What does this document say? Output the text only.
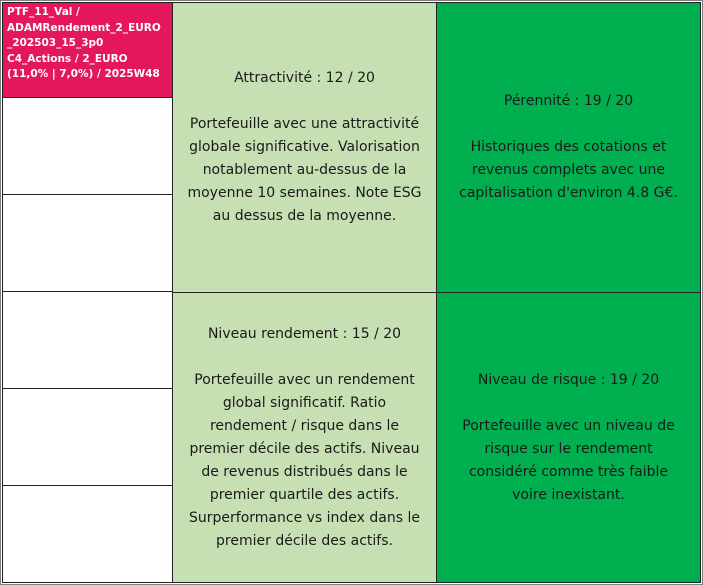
PTF_11_Val /
ADAMRendement_2_EURO
_202503_15_3p0
C4_Actions / 2_EURO
(11,0% | 7,0%) / 2025W48	Attractivité : 12 / 20
Portefeuille avec une attractivité
globale significative. Valorisation
notablement au-dessus de la
moyenne 10 semaines. Note ESG
au dessus de la moyenne.
Pérennité : 19 / 20
Historiques des cotations et
revenus complets avec une
capitalisation d'environ 4.8 G€.
Niveau rendement : 15 / 20
Portefeuille avec un rendement
global significatif. Ratio
rendement / risque dans le
premier décile des actifs. Niveau
de revenus distribués dans le
premier quartile des actifs.
Surperformance vs index dans le
premier décile des actifs.
Niveau de risque : 19 / 20
Portefeuille avec un niveau de
risque sur le rendement
considéré comme très faible
voire inexistant.
